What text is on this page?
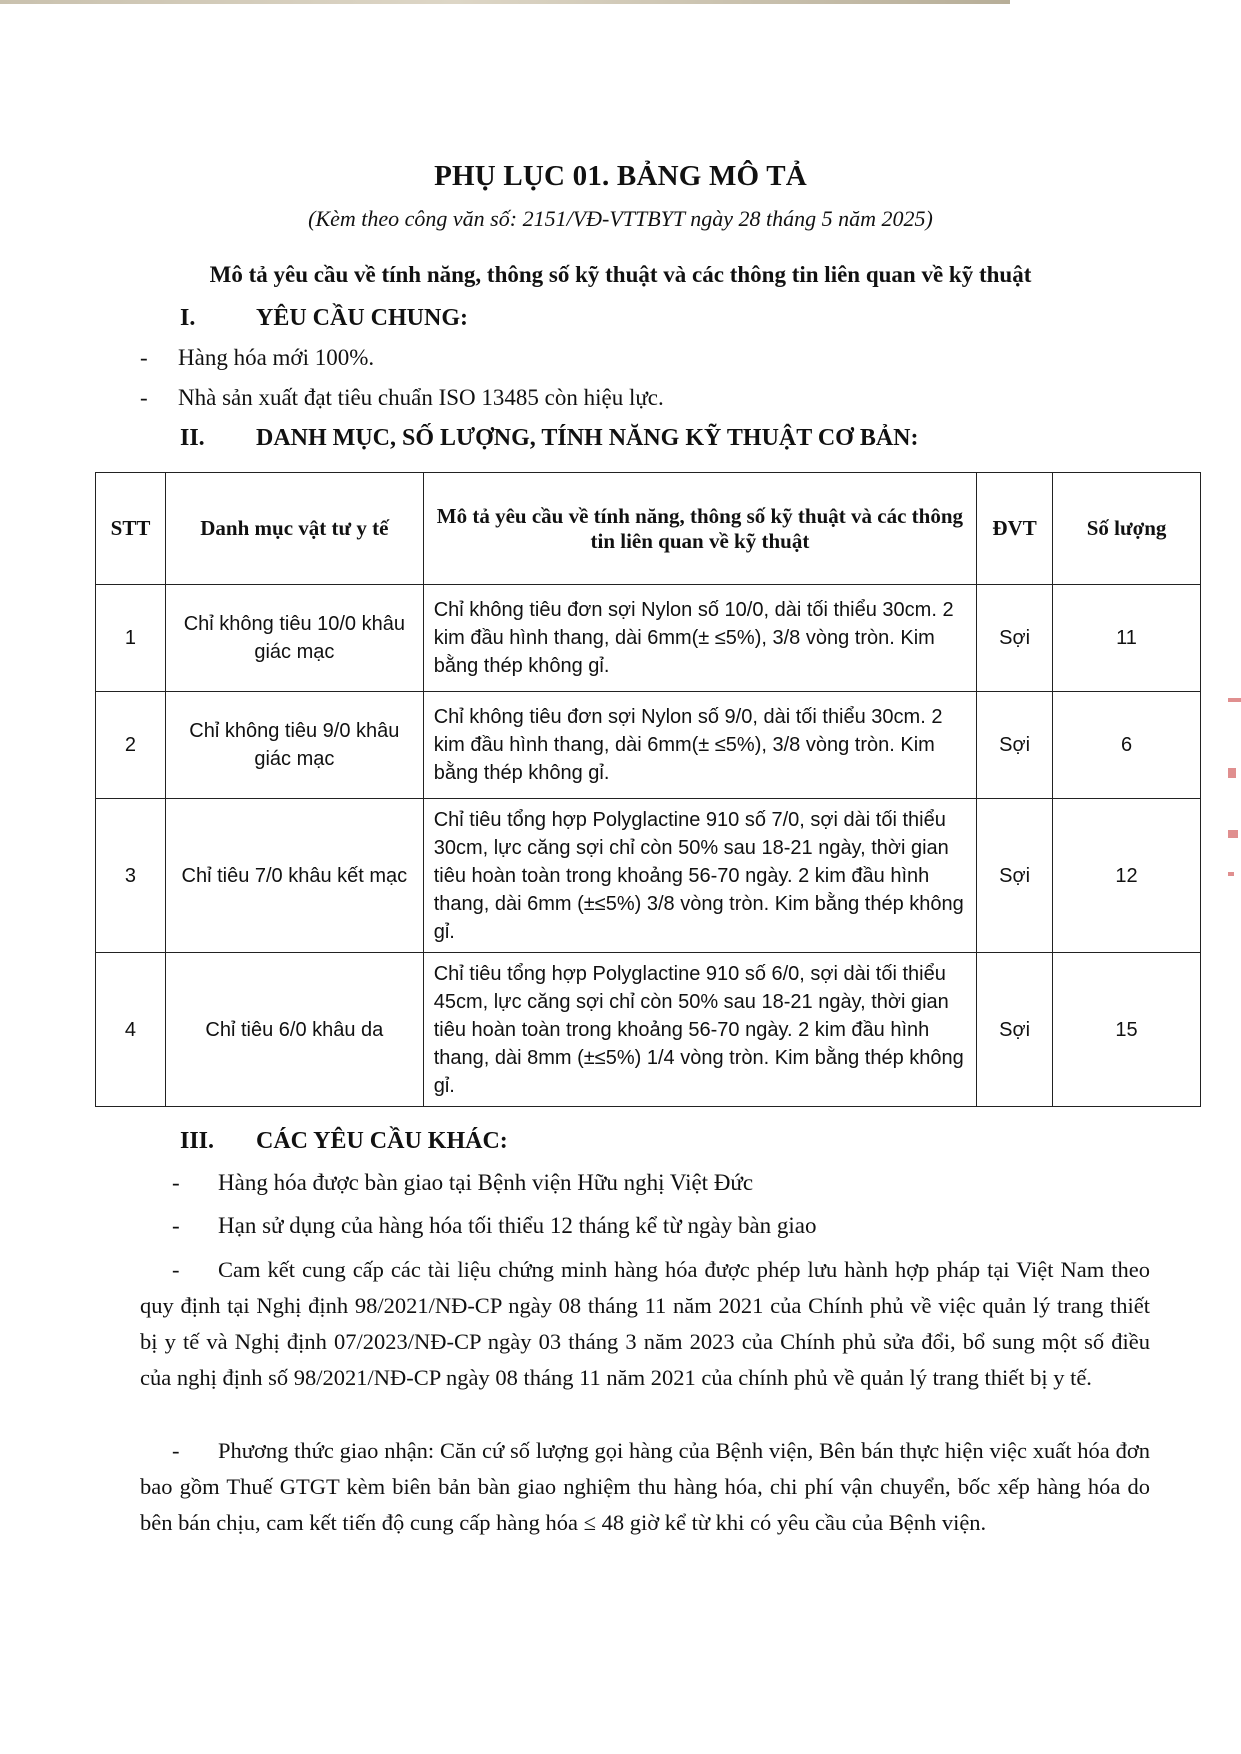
PHỤ LỤC 01. BẢNG MÔ TẢ
(Kèm theo công văn số: 2151/VĐ-VTTBYT ngày 28 tháng 5 năm 2025)
Mô tả yêu cầu về tính năng, thông số kỹ thuật và các thông tin liên quan về kỹ thuật
I.	YÊU CẦU CHUNG:
- Hàng hóa mới 100%.
- Nhà sản xuất đạt tiêu chuẩn ISO 13485 còn hiệu lực.
II. DANH MỤC, SỐ LƯỢNG, TÍNH NĂNG KỸ THUẬT CƠ BẢN:
STT	Danh mục vật tư y tế	Mô tả yêu cầu về tính năng, thông số kỹ thuật và các thông tin liên quan về kỹ thuật	ĐVT	Số lượng
1	Chỉ không tiêu 10/0 khâu giác mạc	Chỉ không tiêu đơn sợi Nylon số 10/0, dài tối thiểu 30cm. 2 kim đầu hình thang, dài 6mm(± ≤5%), 3/8 vòng tròn. Kim bằng thép không gỉ.	Sợi	11
2	Chỉ không tiêu 9/0 khâu giác mạc	Chỉ không tiêu đơn sợi Nylon số 9/0, dài tối thiểu 30cm. 2 kim đầu hình thang, dài 6mm(± ≤5%), 3/8 vòng tròn. Kim bằng thép không gỉ.	Sợi	6
3	Chỉ tiêu 7/0 khâu kết mạc	Chỉ tiêu tổng hợp Polyglactine 910 số 7/0, sợi dài tối thiểu 30cm, lực căng sợi chỉ còn 50% sau 18-21 ngày, thời gian tiêu hoàn toàn trong khoảng 56-70 ngày. 2 kim đầu hình thang, dài 6mm (±≤5%) 3/8 vòng tròn. Kim bằng thép không gỉ.	Sợi	12
4	Chỉ tiêu 6/0 khâu da	Chỉ tiêu tổng hợp Polyglactine 910 số 6/0, sợi dài tối thiểu 45cm, lực căng sợi chỉ còn 50% sau 18-21 ngày, thời gian tiêu hoàn toàn trong khoảng 56-70 ngày. 2 kim đầu hình thang, dài 8mm (±≤5%) 1/4 vòng tròn. Kim bằng thép không gỉ.	Sợi	15
III. CÁC YÊU CẦU KHÁC:
- Hàng hóa được bàn giao tại Bệnh viện Hữu nghị Việt Đức
- Hạn sử dụng của hàng hóa tối thiểu 12 tháng kể từ ngày bàn giao
- Cam kết cung cấp các tài liệu chứng minh hàng hóa được phép lưu hành hợp pháp tại Việt Nam theo quy định tại Nghị định 98/2021/NĐ-CP ngày 08 tháng 11 năm 2021 của Chính phủ về việc quản lý trang thiết bị y tế và Nghị định 07/2023/NĐ-CP ngày 03 tháng 3 năm 2023 của Chính phủ sửa đổi, bổ sung một số điều của nghị định số 98/2021/NĐ-CP ngày 08 tháng 11 năm 2021 của chính phủ về quản lý trang thiết bị y tế.
- Phương thức giao nhận: Căn cứ số lượng gọi hàng của Bệnh viện, Bên bán thực hiện việc xuất hóa đơn bao gồm Thuế GTGT kèm biên bản bàn giao nghiệm thu hàng hóa, chi phí vận chuyển, bốc xếp hàng hóa do bên bán chịu, cam kết tiến độ cung cấp hàng hóa ≤ 48 giờ kể từ khi có yêu cầu của Bệnh viện.
